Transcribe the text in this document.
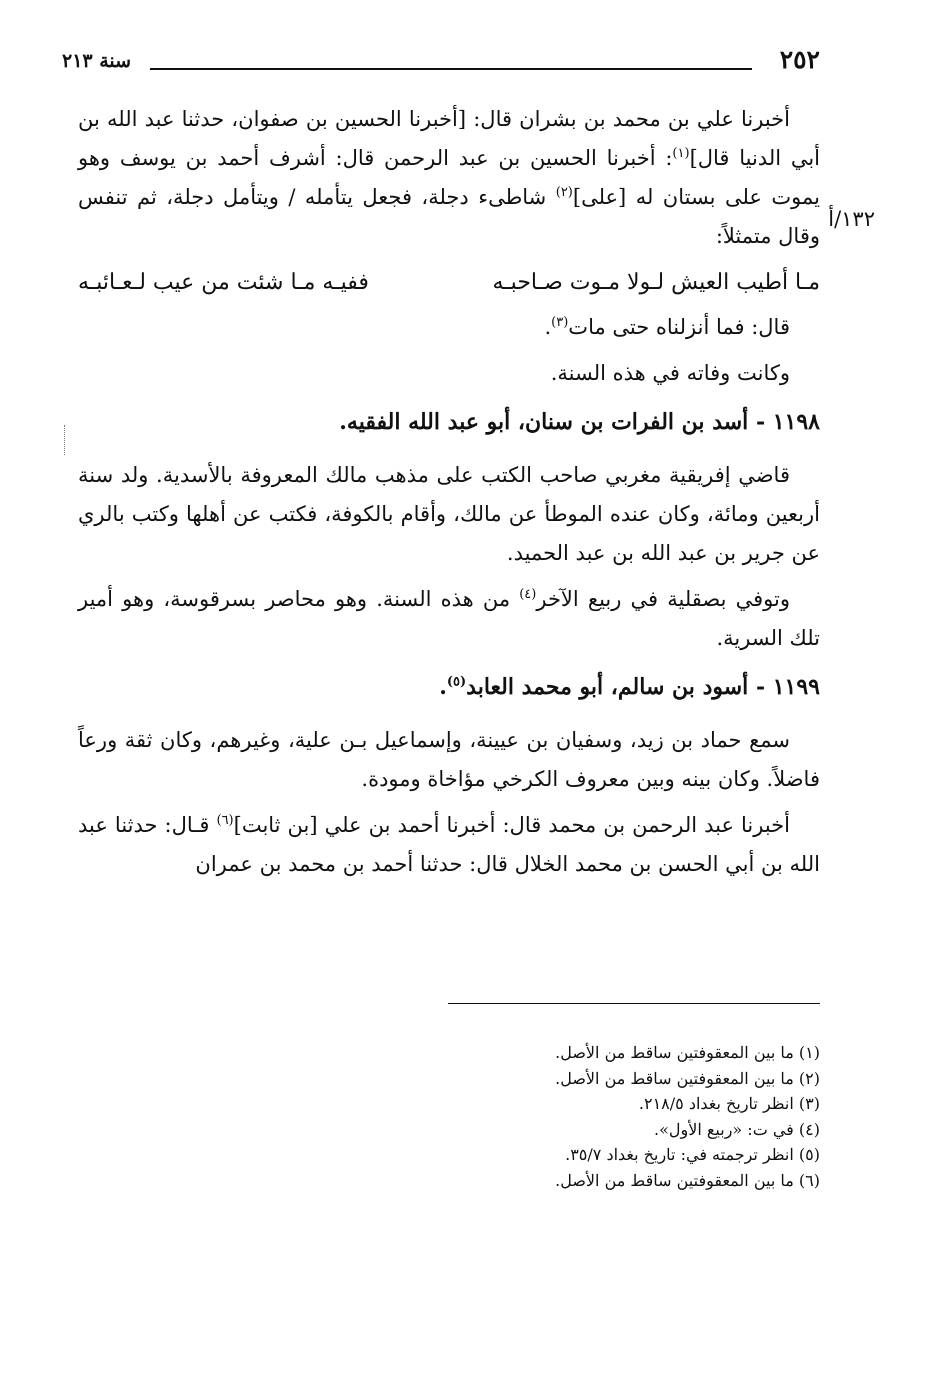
٢٥٢
سنة ٢١٣
١٣٢/أ

أخبرنا علي بن محمد بن بشران قال: [أخبرنا الحسين بن صفوان، حدثنا عبد الله بن أبي الدنيا قال]$^{(١)}$: أخبرنا الحسين بن عبد الرحمن قال: أشرف أحمد بن يوسف وهو يموت على بستان له [على]$^{(٢)}$ شاطىء دجلة، فجعل يتأمله / ويتأمل دجلة، ثم تنفس وقال متمثلاً:

مـا أطيب العيش لـولا مـوت صـاحبـه
ففيـه مـا شئت من عيب لـعـائبـه

قال: فما أنزلناه حتى مات$^{(٣)}$.

وكانت وفاته في هذه السنة.

١١٩٨ - أسد بن الفرات بن سنان، أبو عبد الله الفقيه.

قاضي إفريقية مغربي صاحب الكتب على مذهب مالك المعروفة بالأسدية. ولد سنة أربعين ومائة، وكان عنده الموطأ عن مالك، وأقام بالكوفة، فكتب عن أهلها وكتب بالري عن جرير بن عبد الله بن عبد الحميد.

وتوفي بصقلية في ربيع الآخر$^{(٤)}$ من هذه السنة. وهو محاصر بسرقوسة، وهو أمير تلك السرية.

١١٩٩ - أسود بن سالم، أبو محمد العابد$^{(٥)}$.

سمع حماد بن زيد، وسفيان بن عيينة، وإسماعيل بـن علية، وغيرهم، وكان ثقة ورعاً فاضلاً. وكان بينه وبين معروف الكرخي مؤاخاة ومودة.

أخبرنا عبد الرحمن بن محمد قال: أخبرنا أحمد بن علي [بن ثابت]$^{(٦)}$ قـال: حدثنا عبد الله بن أبي الحسن بن محمد الخلال قال: حدثنا أحمد بن محمد بن عمران

(١) ما بين المعقوفتين ساقط من الأصل.
(٢) ما بين المعقوفتين ساقط من الأصل.
(٣) انظر تاريخ بغداد ٢١٨/٥.
(٤) في ت: «ربيع الأول».
(٥) انظر ترجمته في: تاريخ بغداد ٣٥/٧.
(٦) ما بين المعقوفتين ساقط من الأصل.
